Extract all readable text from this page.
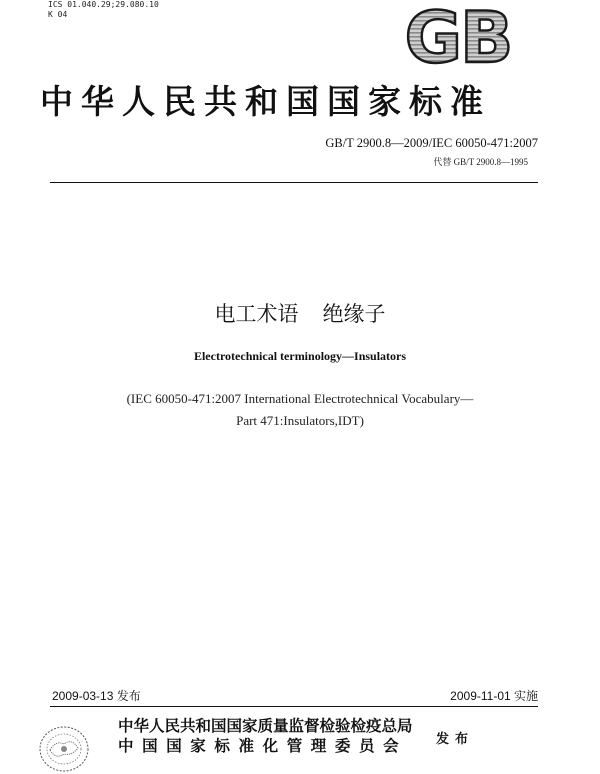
ICS 01.040.29;29.080.10
K 04	GB
中华人民共和国国家标准
GB/T 2900.8—2009/IEC 60050-471:2007
代替 GB/T 2900.8—1995
电工术语 绝缘子
Electrotechnical terminology—Insulators
(IEC 60050-471:2007 International Electrotechnical Vocabulary—
Part 471:Insulators,IDT)
2009-03-13 发布	2009-11-01 实施
中华人民共和国国家质量监督检验检疫总局
中国国家标准化管理委员会	发布
